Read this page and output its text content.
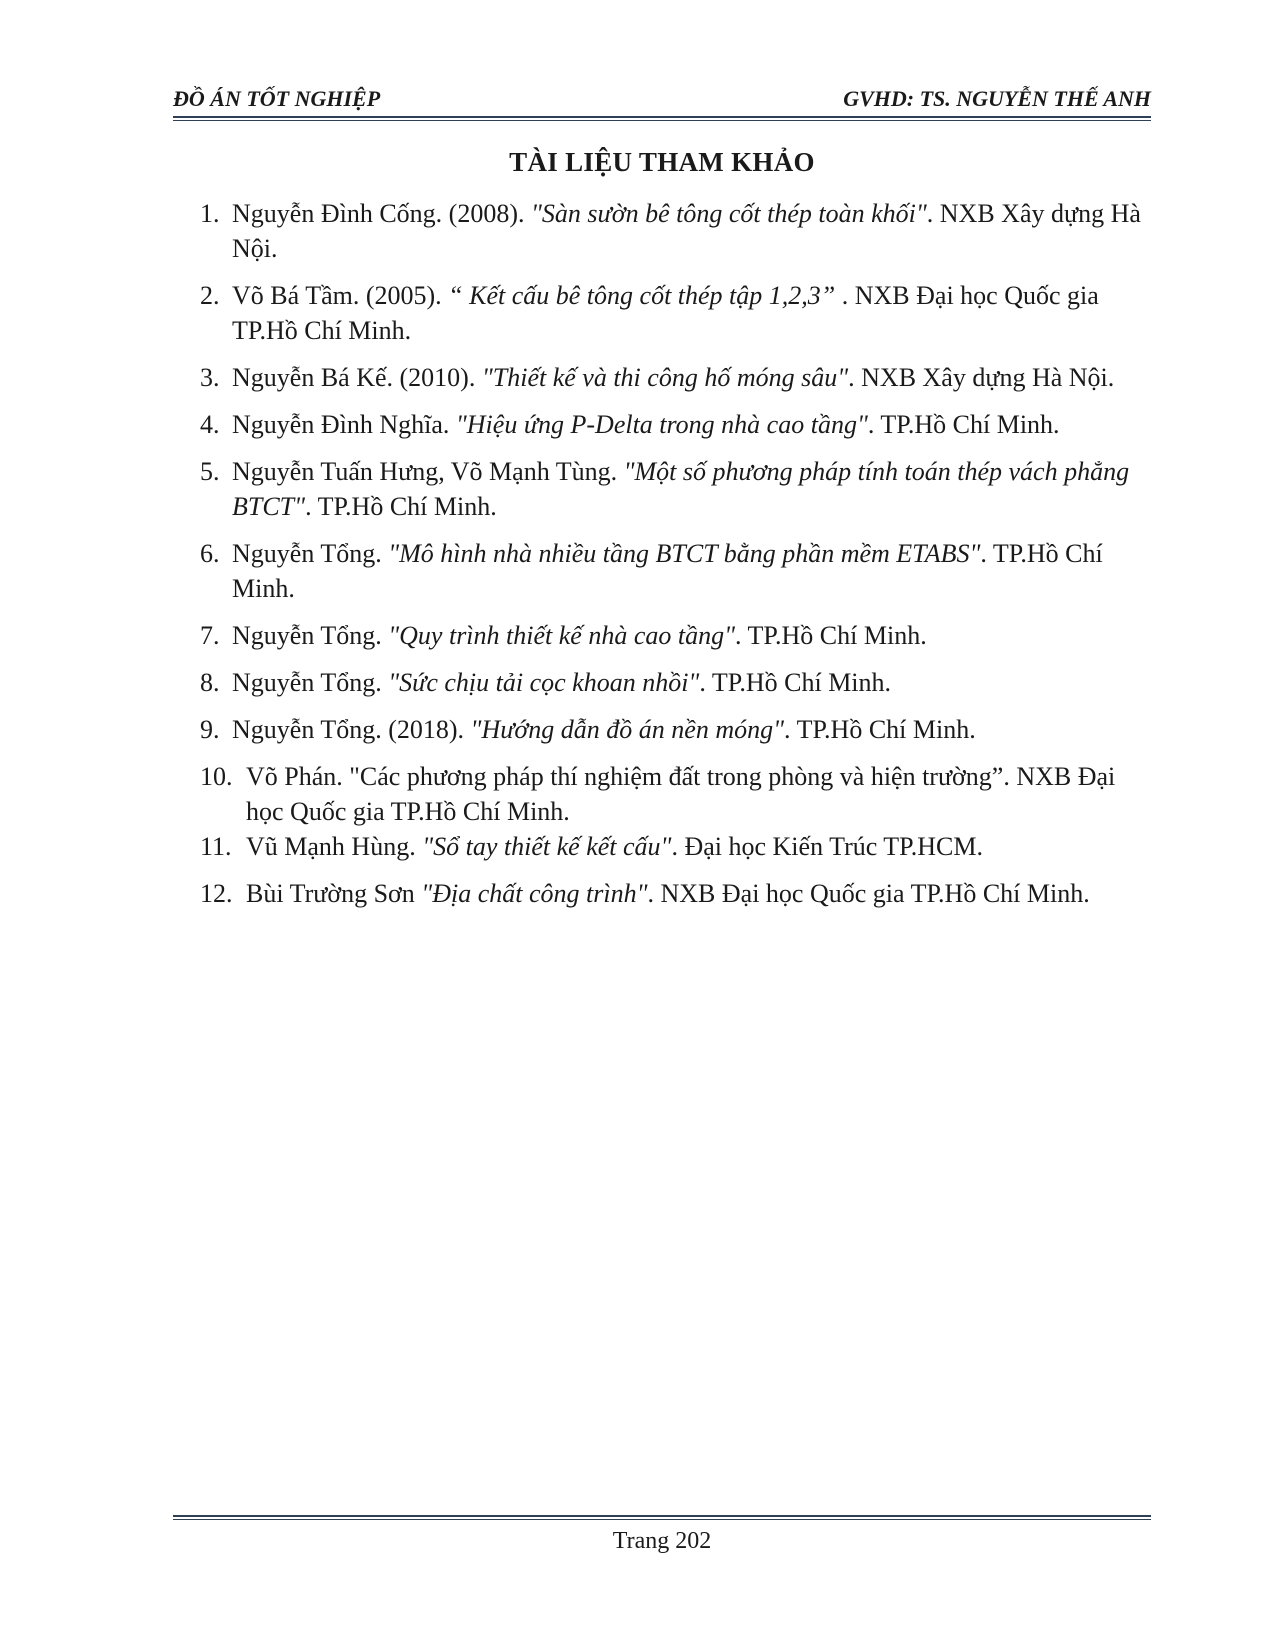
ĐỒ ÁN TỐT NGHIỆP	GVHD: TS. NGUYỄN THẾ ANH
TÀI LIỆU THAM KHẢO
1. Nguyễn Đình Cống. (2008). "Sàn sườn bê tông cốt thép toàn khối". NXB Xây dựng Hà Nội.
2. Võ Bá Tầm. (2005). “ Kết cấu bê tông cốt thép tập 1,2,3” . NXB Đại học Quốc gia TP.Hồ Chí Minh.
3. Nguyễn Bá Kế. (2010). "Thiết kế và thi công hố móng sâu". NXB Xây dựng Hà Nội.
4. Nguyễn Đình Nghĩa. "Hiệu ứng P-Delta trong nhà cao tầng". TP.Hồ Chí Minh.
5. Nguyễn Tuấn Hưng, Võ Mạnh Tùng. "Một số phương pháp tính toán thép vách phẳng BTCT". TP.Hồ Chí Minh.
6. Nguyễn Tổng. "Mô hình nhà nhiều tầng BTCT bằng phần mềm ETABS". TP.Hồ Chí Minh.
7. Nguyễn Tổng. "Quy trình thiết kế nhà cao tầng". TP.Hồ Chí Minh.
8. Nguyễn Tổng. "Sức chịu tải cọc khoan nhồi". TP.Hồ Chí Minh.
9. Nguyễn Tổng. (2018). "Hướng dẫn đồ án nền móng". TP.Hồ Chí Minh.
10. Võ Phán. "Các phương pháp thí nghiệm đất trong phòng và hiện trường”. NXB Đại học Quốc gia TP.Hồ Chí Minh.
11. Vũ Mạnh Hùng. "Sổ tay thiết kế kết cấu". Đại học Kiến Trúc TP.HCM.
12. Bùi Trường Sơn "Địa chất công trình". NXB Đại học Quốc gia TP.Hồ Chí Minh.
Trang 202
